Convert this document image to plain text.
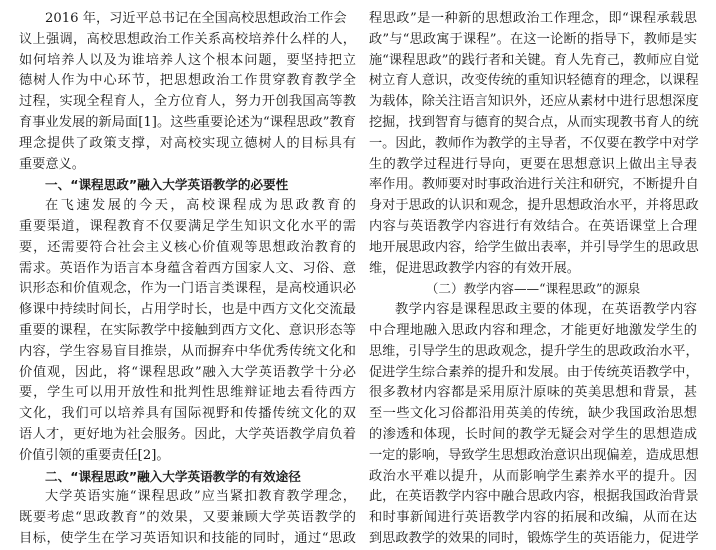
2016 年，习近平总书记在全国高校思想政治工作会
议上强调，高校思想政治工作关系高校培养什么样的人，
如何培养人以及为谁培养人这个根本问题，要坚持把立
德树人作为中心环节，把思想政治工作贯穿教育教学全
过程，实现全程育人，全方位育人，努力开创我国高等教
育事业发展的新局面[1]。这些重要论述为“课程思政”教育
理念提供了政策支撑，对高校实现立德树人的目标具有
重要意义。
一、“课程思政”融入大学英语教学的必要性
在飞速发展的今天，高校课程成为思政教育的
重要渠道，课程教育不仅要满足学生知识文化水平的需
要，还需要符合社会主义核心价值观等思想政治教育的
需求。英语作为语言本身蕴含着西方国家人文、习俗、意
识形态和价值观念，作为一门语言类课程，是高校通识必
修课中持续时间长，占用学时长，也是中西方文化交流最
重要的课程，在实际教学中接触到西方文化、意识形态等
内容，学生容易盲目推崇，从而摒弃中华优秀传统文化和
价值观，因此，将“课程思政”融入大学英语教学十分必
要，学生可以用开放性和批判性思维辩证地去看待西方
文化，我们可以培养具有国际视野和传播传统文化的双
语人才，更好地为社会服务。因此，大学英语教学肩负着
价值引领的重要责任[2]。
二、“课程思政”融入大学英语教学的有效途径
大学英语实施“课程思政”应当紧扣教育教学理念，
既要考虑“思政教育”的效果，又要兼顾大学英语教学的
目标，使学生在学习英语知识和技能的同时，通过“思政
程思政”是一种新的思想政治工作理念，即“课程承载思
政”与“思政寓于课程”。在这一论断的指导下，教师是实
施“课程思政”的践行者和关键。育人先育己，教师应自觉
树立育人意识，改变传统的重知识轻德育的理念，以课程
为载体，除关注语言知识外，还应从素材中进行思想深度
挖掘，找到智育与德育的契合点，从而实现教书育人的统
一。因此，教师作为教学的主导者，不仅要在教学中对学
生的教学过程进行导向，更要在思想意识上做出主导表
率作用。教师要对时事政治进行关注和研究，不断提升自
身对于思政的认识和观念，提升思想政治水平，并将思政
内容与英语教学内容进行有效结合。在英语课堂上合理
地开展思政内容，给学生做出表率，并引导学生的思政思
维，促进思政教学内容的有效开展。
（二）教学内容——“课程思政”的源泉
教学内容是课程思政主要的体现，在英语教学内容
中合理地融入思政内容和理念，才能更好地激发学生的
思维，引导学生的思政观念，提升学生的思政政治水平，
促进学生综合素养的提升和发展。由于传统英语教学中，
很多教材内容都是采用原汁原味的英美思想和背景，甚
至一些文化习俗都沿用英美的传统，缺少我国政治思想
的渗透和体现，长时间的教学无疑会对学生的思想造成
一定的影响，导致学生思想政治意识出现偏差，造成思想
政治水平难以提升，从而影响学生素养水平的提升。因
此，在英语教学内容中融合思政内容，根据我国政治背景
和时事新闻进行英语教学内容的拓展和改编，从而在达
到思政教学的效果的同时，锻炼学生的英语能力，促进学
